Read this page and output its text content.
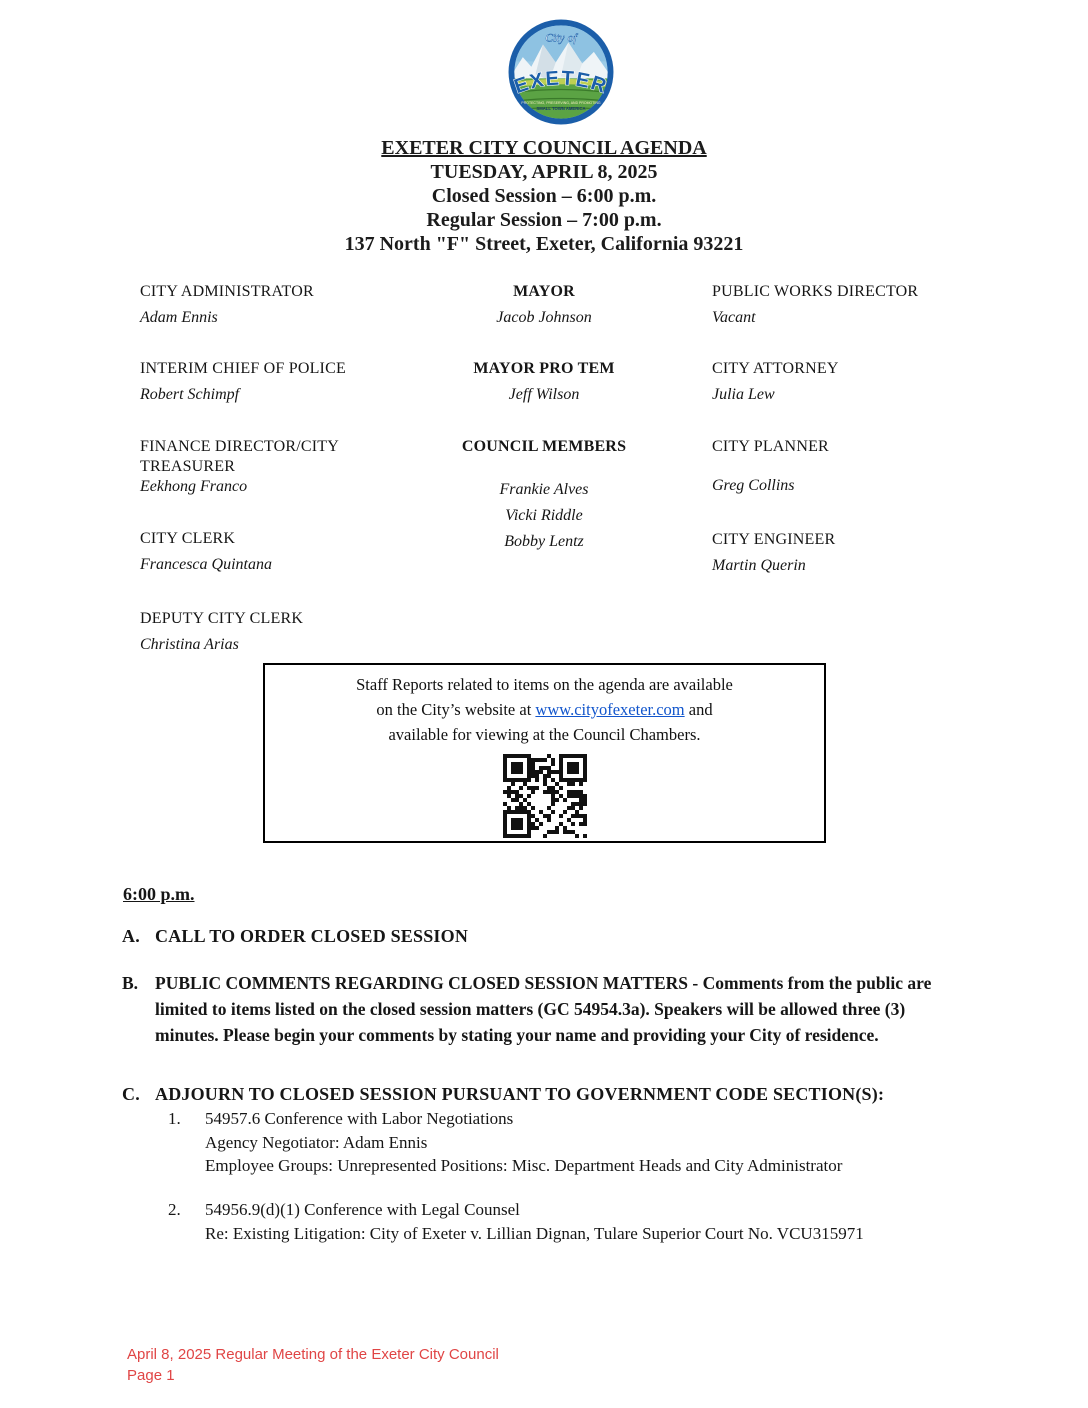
City of
EXETER
PROTECTING, PRESERVING, AND PROMOTING
SMALL TOWN AMERICA
EXETER CITY COUNCIL AGENDA
TUESDAY, APRIL 8, 2025
Closed Session – 6:00 p.m.
Regular Session – 7:00 p.m.
137 North "F" Street, Exeter, California 93221
CITY ADMINISTRATOR
Adam Ennis
INTERIM CHIEF OF POLICE
Robert Schimpf
FINANCE DIRECTOR/CITY TREASURER
Eekhong Franco
CITY CLERK
Francesca Quintana
DEPUTY CITY CLERK
Christina Arias
MAYOR
Jacob Johnson
MAYOR PRO TEM
Jeff Wilson
COUNCIL MEMBERS
Frankie Alves
Vicki Riddle
Bobby Lentz
PUBLIC WORKS DIRECTOR
Vacant
CITY ATTORNEY
Julia Lew
CITY PLANNER
Greg Collins
CITY ENGINEER
Martin Querin
Staff Reports related to items on the agenda are available
on the City’s website at www.cityofexeter.com and
available for viewing at the Council Chambers.
6:00 p.m.
A. CALL TO ORDER CLOSED SESSION
B. PUBLIC COMMENTS REGARDING CLOSED SESSION MATTERS - Comments from the public are limited to items listed on the closed session matters (GC 54954.3a). Speakers will be allowed three (3) minutes. Please begin your comments by stating your name and providing your City of residence.
C. ADJOURN TO CLOSED SESSION PURSUANT TO GOVERNMENT CODE SECTION(S):
1.	54957.6 Conference with Labor Negotiations
Agency Negotiator: Adam Ennis
Employee Groups: Unrepresented Positions: Misc. Department Heads and City Administrator
2.	54956.9(d)(1) Conference with Legal Counsel
Re: Existing Litigation: City of Exeter v. Lillian Dignan, Tulare Superior Court No. VCU315971
April 8, 2025 Regular Meeting of the Exeter City Council
Page 1
